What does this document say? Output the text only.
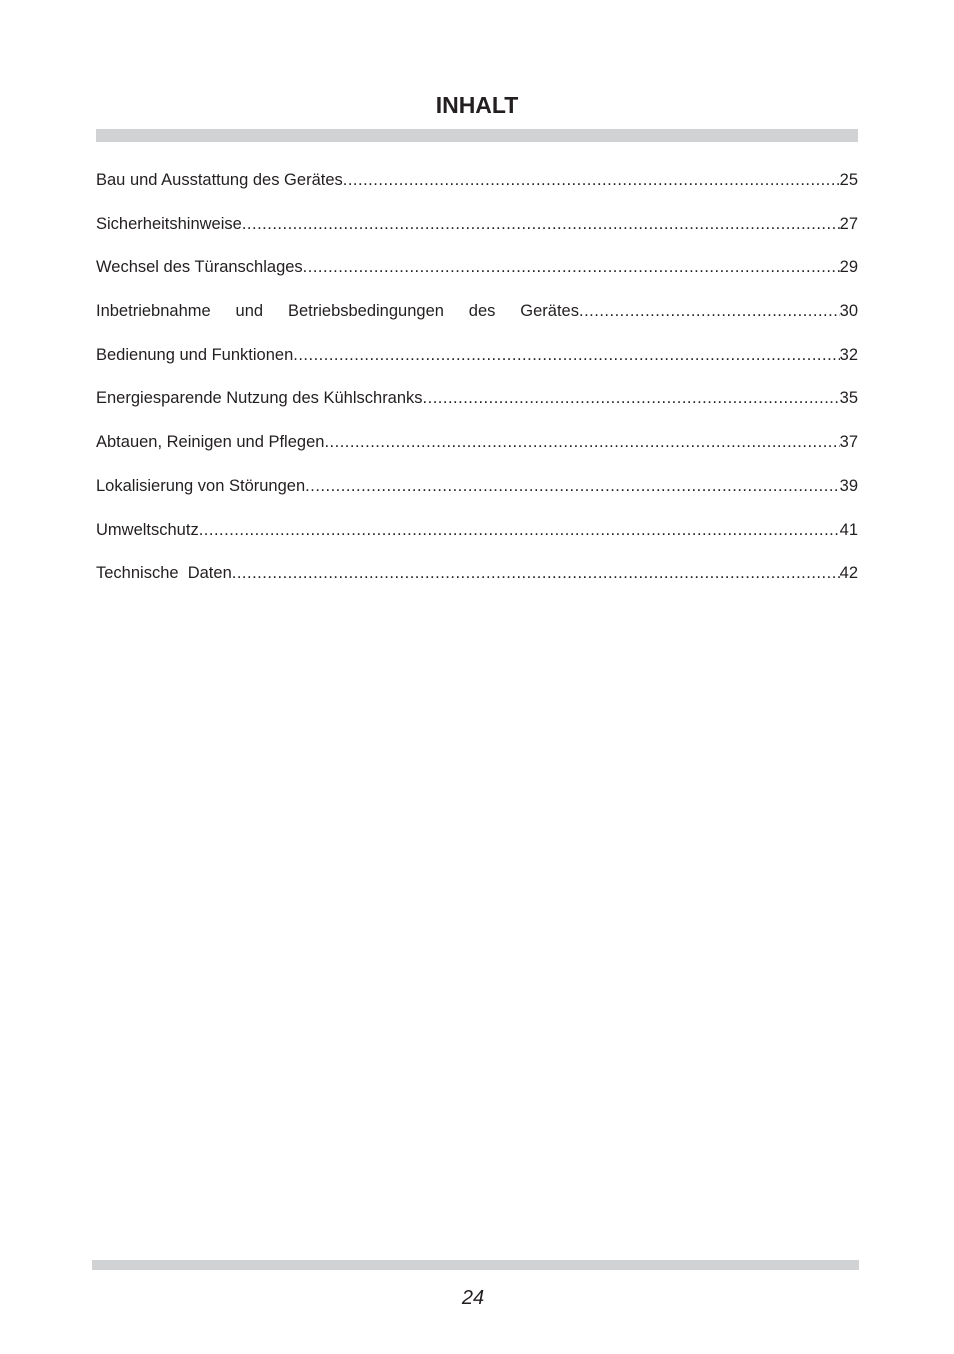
INHALT
Bau und Ausstattung des Gerätes .....	25
Sicherheitshinweise .....	27
Wechsel des Türanschlages .....	29
Inbetriebnahme und Betriebsbedingungen des Gerätes .....	30
Bedienung und Funktionen .....	32
Energiesparende Nutzung des Kühlschranks .....	35
Abtauen, Reinigen und Pflegen .....	37
Lokalisierung von Störungen .....	39
Umweltschutz .....	41
Technische  Daten .....	42
24
